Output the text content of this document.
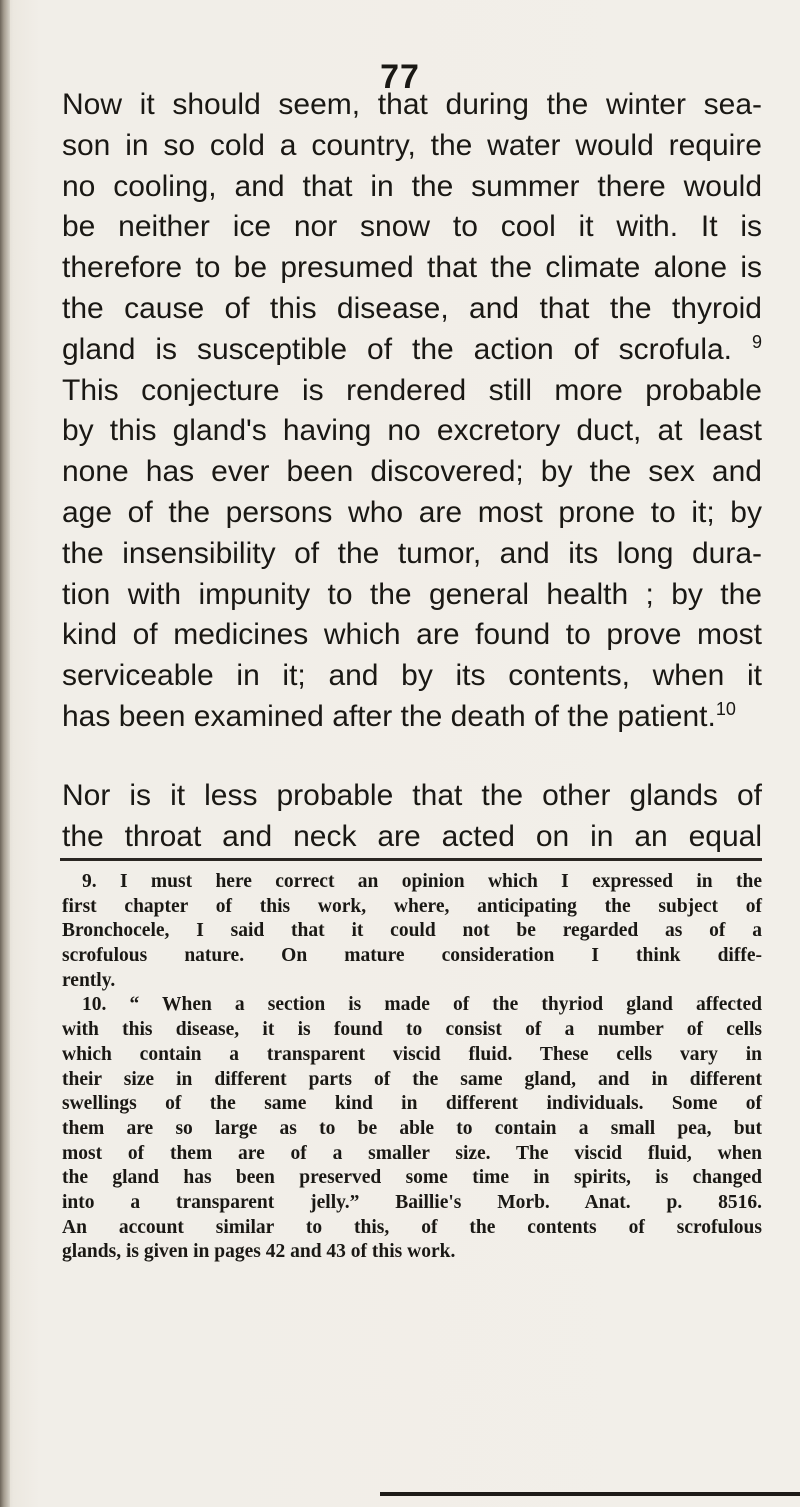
77
Now it should seem, that during the winter sea-
son in so cold a country, the water would require
no cooling, and that in the summer there would
be neither ice nor snow to cool it with. It is
therefore to be presumed that the climate alone is
the cause of this disease, and that the thyroid
gland is susceptible of the action of scrofula. $^9$
This conjecture is rendered still more probable
by this gland's having no excretory duct, at least
none has ever been discovered; by the sex and
age of the persons who are most prone to it; by
the insensibility of the tumor, and its long dura-
tion with impunity to the general health ; by the
kind of medicines which are found to prove most
serviceable in it; and by its contents, when it
has been examined after the death of the patient.$^{10}$
Nor is it less probable that the other glands of
the throat and neck are acted on in an equal
9. I must here correct an opinion which I expressed in the
first chapter of this work, where, anticipating the subject of
Bronchocele, I said that it could not be regarded as of a
scrofulous nature. On mature consideration I think diffe-
rently.
10. “ When a section is made of the thyriod gland affected
with this disease, it is found to consist of a number of cells
which contain a transparent viscid fluid. These cells vary in
their size in different parts of the same gland, and in different
swellings of the same kind in different individuals. Some of
them are so large as to be able to contain a small pea, but
most of them are of a smaller size. The viscid fluid, when
the gland has been preserved some time in spirits, is changed
into a transparent jelly.” Baillie's Morb. Anat. p. 8516.
An account similar to this, of the contents of scrofulous
glands, is given in pages 42 and 43 of this work.
